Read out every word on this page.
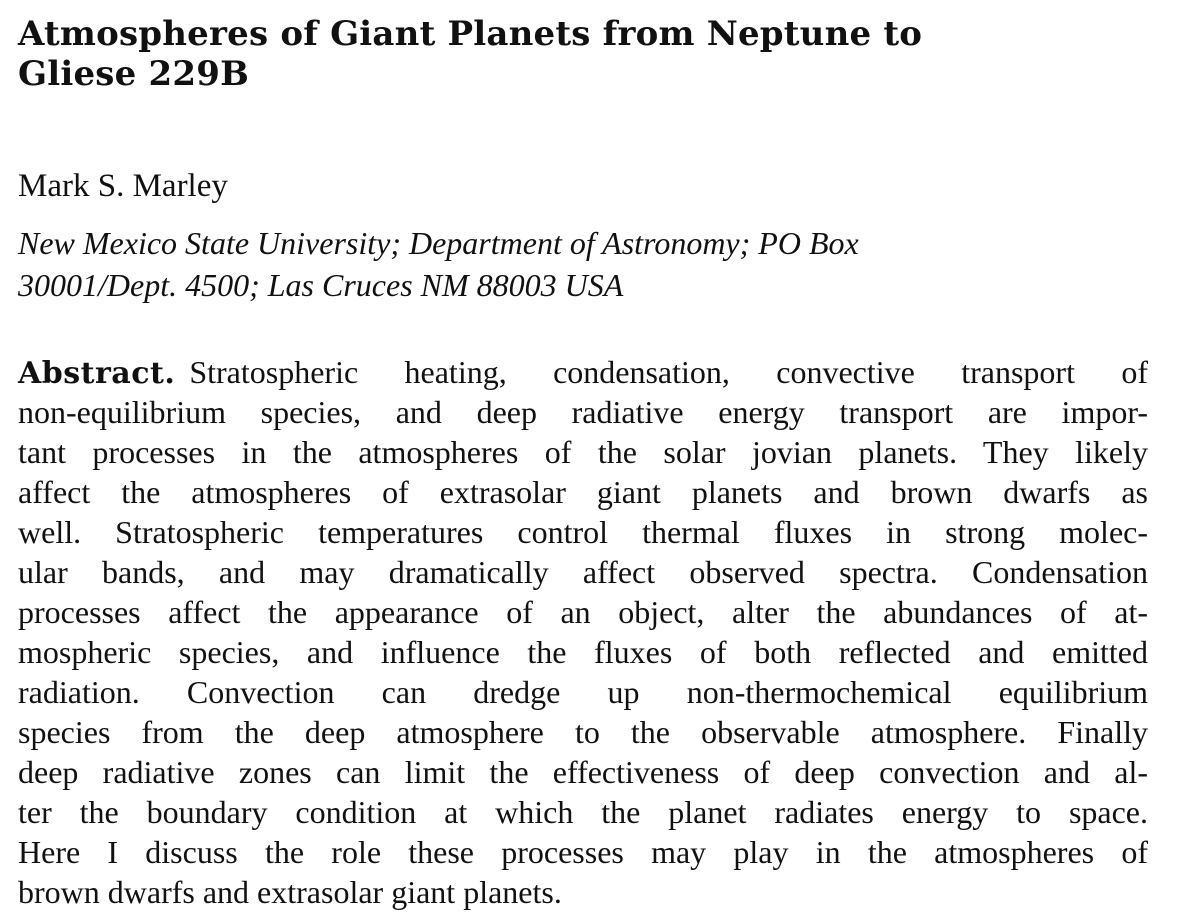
Atmospheres of Giant Planets from Neptune to
Gliese 229B
Mark S. Marley
New Mexico State University; Department of Astronomy; PO Box
30001/Dept. 4500; Las Cruces NM 88003 USA
Abstract. Stratospheric heating, condensation, convective transport of
non-equilibrium species, and deep radiative energy transport are impor-
tant processes in the atmospheres of the solar jovian planets. They likely
affect the atmospheres of extrasolar giant planets and brown dwarfs as
well. Stratospheric temperatures control thermal fluxes in strong molec-
ular bands, and may dramatically affect observed spectra. Condensation
processes affect the appearance of an object, alter the abundances of at-
mospheric species, and influence the fluxes of both reflected and emitted
radiation. Convection can dredge up non-thermochemical equilibrium
species from the deep atmosphere to the observable atmosphere. Finally
deep radiative zones can limit the effectiveness of deep convection and al-
ter the boundary condition at which the planet radiates energy to space.
Here I discuss the role these processes may play in the atmospheres of
brown dwarfs and extrasolar giant planets.
